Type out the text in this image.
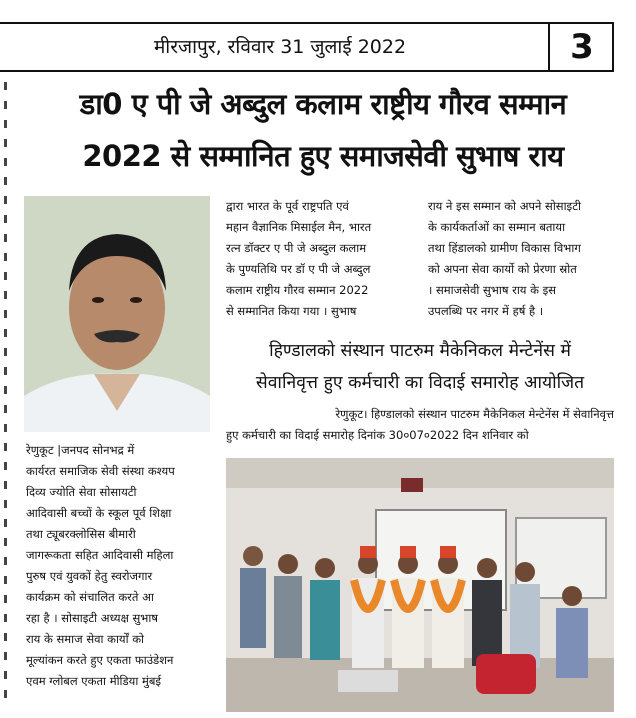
मीरजापुर, रविवार 31 जुलाई 2022	3
डा0 ए पी जे अब्दुल कलाम राष्ट्रीय गौरव सम्मान
2022 से सम्मानित हुए समाजसेवी सुभाष राय
रेणुकूट |जनपद सोनभद्र में
कार्यरत समाजिक सेवी संस्था कश्यप
दिव्य ज्योति सेवा सोसायटी
आदिवासी बच्चों के स्कूल पूर्व शिक्षा
तथा ट्यूबरक्लोसिस बीमारी
जागरूकता सहित आदिवासी महिला
पुरुष एवं युवकों हेतु स्वरोजगार
कार्यक्रम को संचालित करते आ
रहा है । सोसाइटी अध्यक्ष सुभाष
राय के समाज सेवा कार्यों को
मूल्यांकन करते हुए एकता फाउंडेशन
एवम ग्लोबल एकता मीडिया मुंबई
द्वारा भारत के पूर्व राष्ट्रपति एवं
महान वैज्ञानिक मिसाईल मैन, भारत
रत्न डॉक्टर ए पी जे अब्दुल कलाम
के पुण्यतिथि पर डॉ ए पी जे अब्दुल
कलाम राष्ट्रीय गौरव सम्मान 2022
से सम्मानित किया गया । सुभाष
राय ने इस सम्मान को अपने सोसाइटी
के कार्यकर्ताओं का सम्मान बताया
तथा हिंडालको ग्रामीण विकास विभाग
को अपना सेवा कार्यो को प्रेरणा स्रोत
। समाजसेवी सुभाष राय के इस
उपलब्धि पर नगर में हर्ष है ।
हिण्डालको संस्थान पाटरुम मैकेनिकल मेन्टेनेंस में
सेवानिवृत्त हुए कर्मचारी का विदाई समारोह आयोजित
रेणुकूट। हिण्डालको संस्थान पाटरुम मैकेनिकल मेन्टेनेंस में सेवानिवृत्त
हुए कर्मचारी का विदाई समारोह दिनांक 30०07०2022 दिन शनिवार को
